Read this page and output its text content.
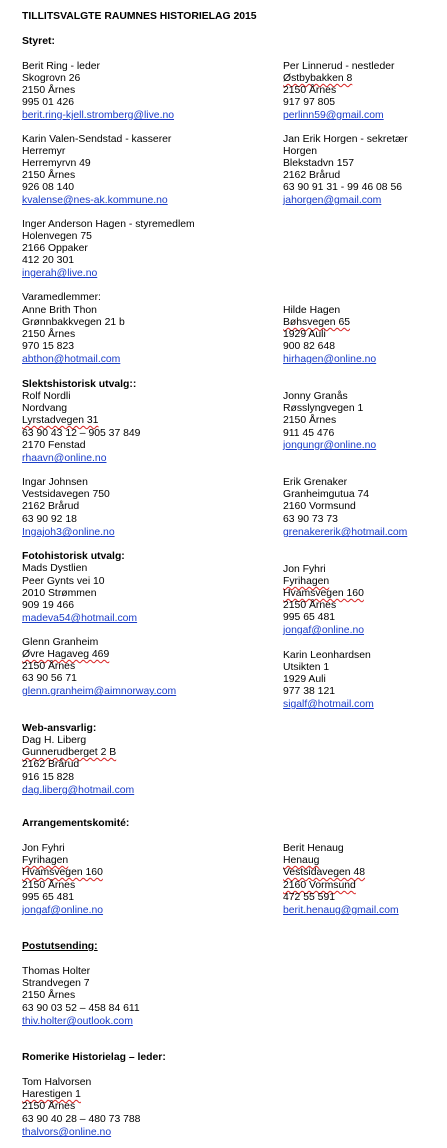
TILLITSVALGTE RAUMNES HISTORIELAG 2015
Styret:
Berit Ring - leder
Skogrovn 26
2150 Årnes
995 01 426
berit.ring-kjell.stromberg@live.no
Per Linnerud - nestleder
Østbybakken 8
2150 Årnes
917 97 805
perlinn59@gmail.com
Karin Valen-Sendstad - kasserer
Herremyr
Herremyrvn 49
2150 Årnes
926 08 140
kvalense@nes-ak.kommune.no
Jan Erik Horgen - sekretær
Horgen
Blekstadvn 157
2162 Brårud
63 90 91 31 - 99 46 08 56
jahorgen@gmail.com
Inger Anderson Hagen - styremedlem
Holenvegen 75
2166 Oppaker
412 20 301
ingerah@live.no
Varamedlemmer:
Anne Brith Thon
Grønnbakkvegen 21 b
2150 Årnes
970 15 823
abthon@hotmail.com
Hilde Hagen
Bøhsvegen 65
1929 Auli
900 82 648
hirhagen@online.no
Slektshistorisk utvalg::
Rolf Nordli
Nordvang
Lyrstadvegen 31
63 90 43 12 – 905 37 849
2170 Fenstad
rhaavn@online.no
Jonny Granås
Røsslyngvegen 1
2150 Årnes
911 45 476
jongungr@online.no
Ingar Johnsen
Vestsidavegen 750
2162 Brårud
63 90 92 18
Ingajoh3@online.no
Erik Grenaker
Granheimgutua 74
2160 Vormsund
63 90 73 73
grenakererik@hotmail.com
Fotohistorisk utvalg:
Mads Dystlien
Peer Gynts vei 10
2010 Strømmen
909 19 466
madeva54@hotmail.com
Jon Fyhri
Fyrihagen
Hvamsvegen 160
2150 Årnes
995 65 481
jongaf@online.no
Glenn Granheim
Øvre Hagaveg 469
2150 Årnes
63 90 56 71
glenn.granheim@aimnorway.com
Karin Leonhardsen
Utsikten 1
1929 Auli
977 38 121
sigalf@hotmail.com
Web-ansvarlig:
Dag H. Liberg
Gunnerudberget 2 B
2162 Brårud
916 15 828
dag.liberg@hotmail.com
Arrangementskomité:
Jon Fyhri
Fyrihagen
Hvamsvegen 160
2150 Årnes
995 65 481
jongaf@online.no
Berit Henaug
Henaug
Vestsidavegen 48
2160 Vormsund
472 55 591
berit.henaug@gmail.com
Postutsending:
Thomas Holter
Strandvegen 7
2150 Årnes
63 90 03 52 – 458 84 611
thiv.holter@outlook.com
Romerike Historielag – leder:
Tom Halvorsen
Harestigen 1
2150 Årnes
63 90 40 28 – 480 73 788
thalvors@online.no
